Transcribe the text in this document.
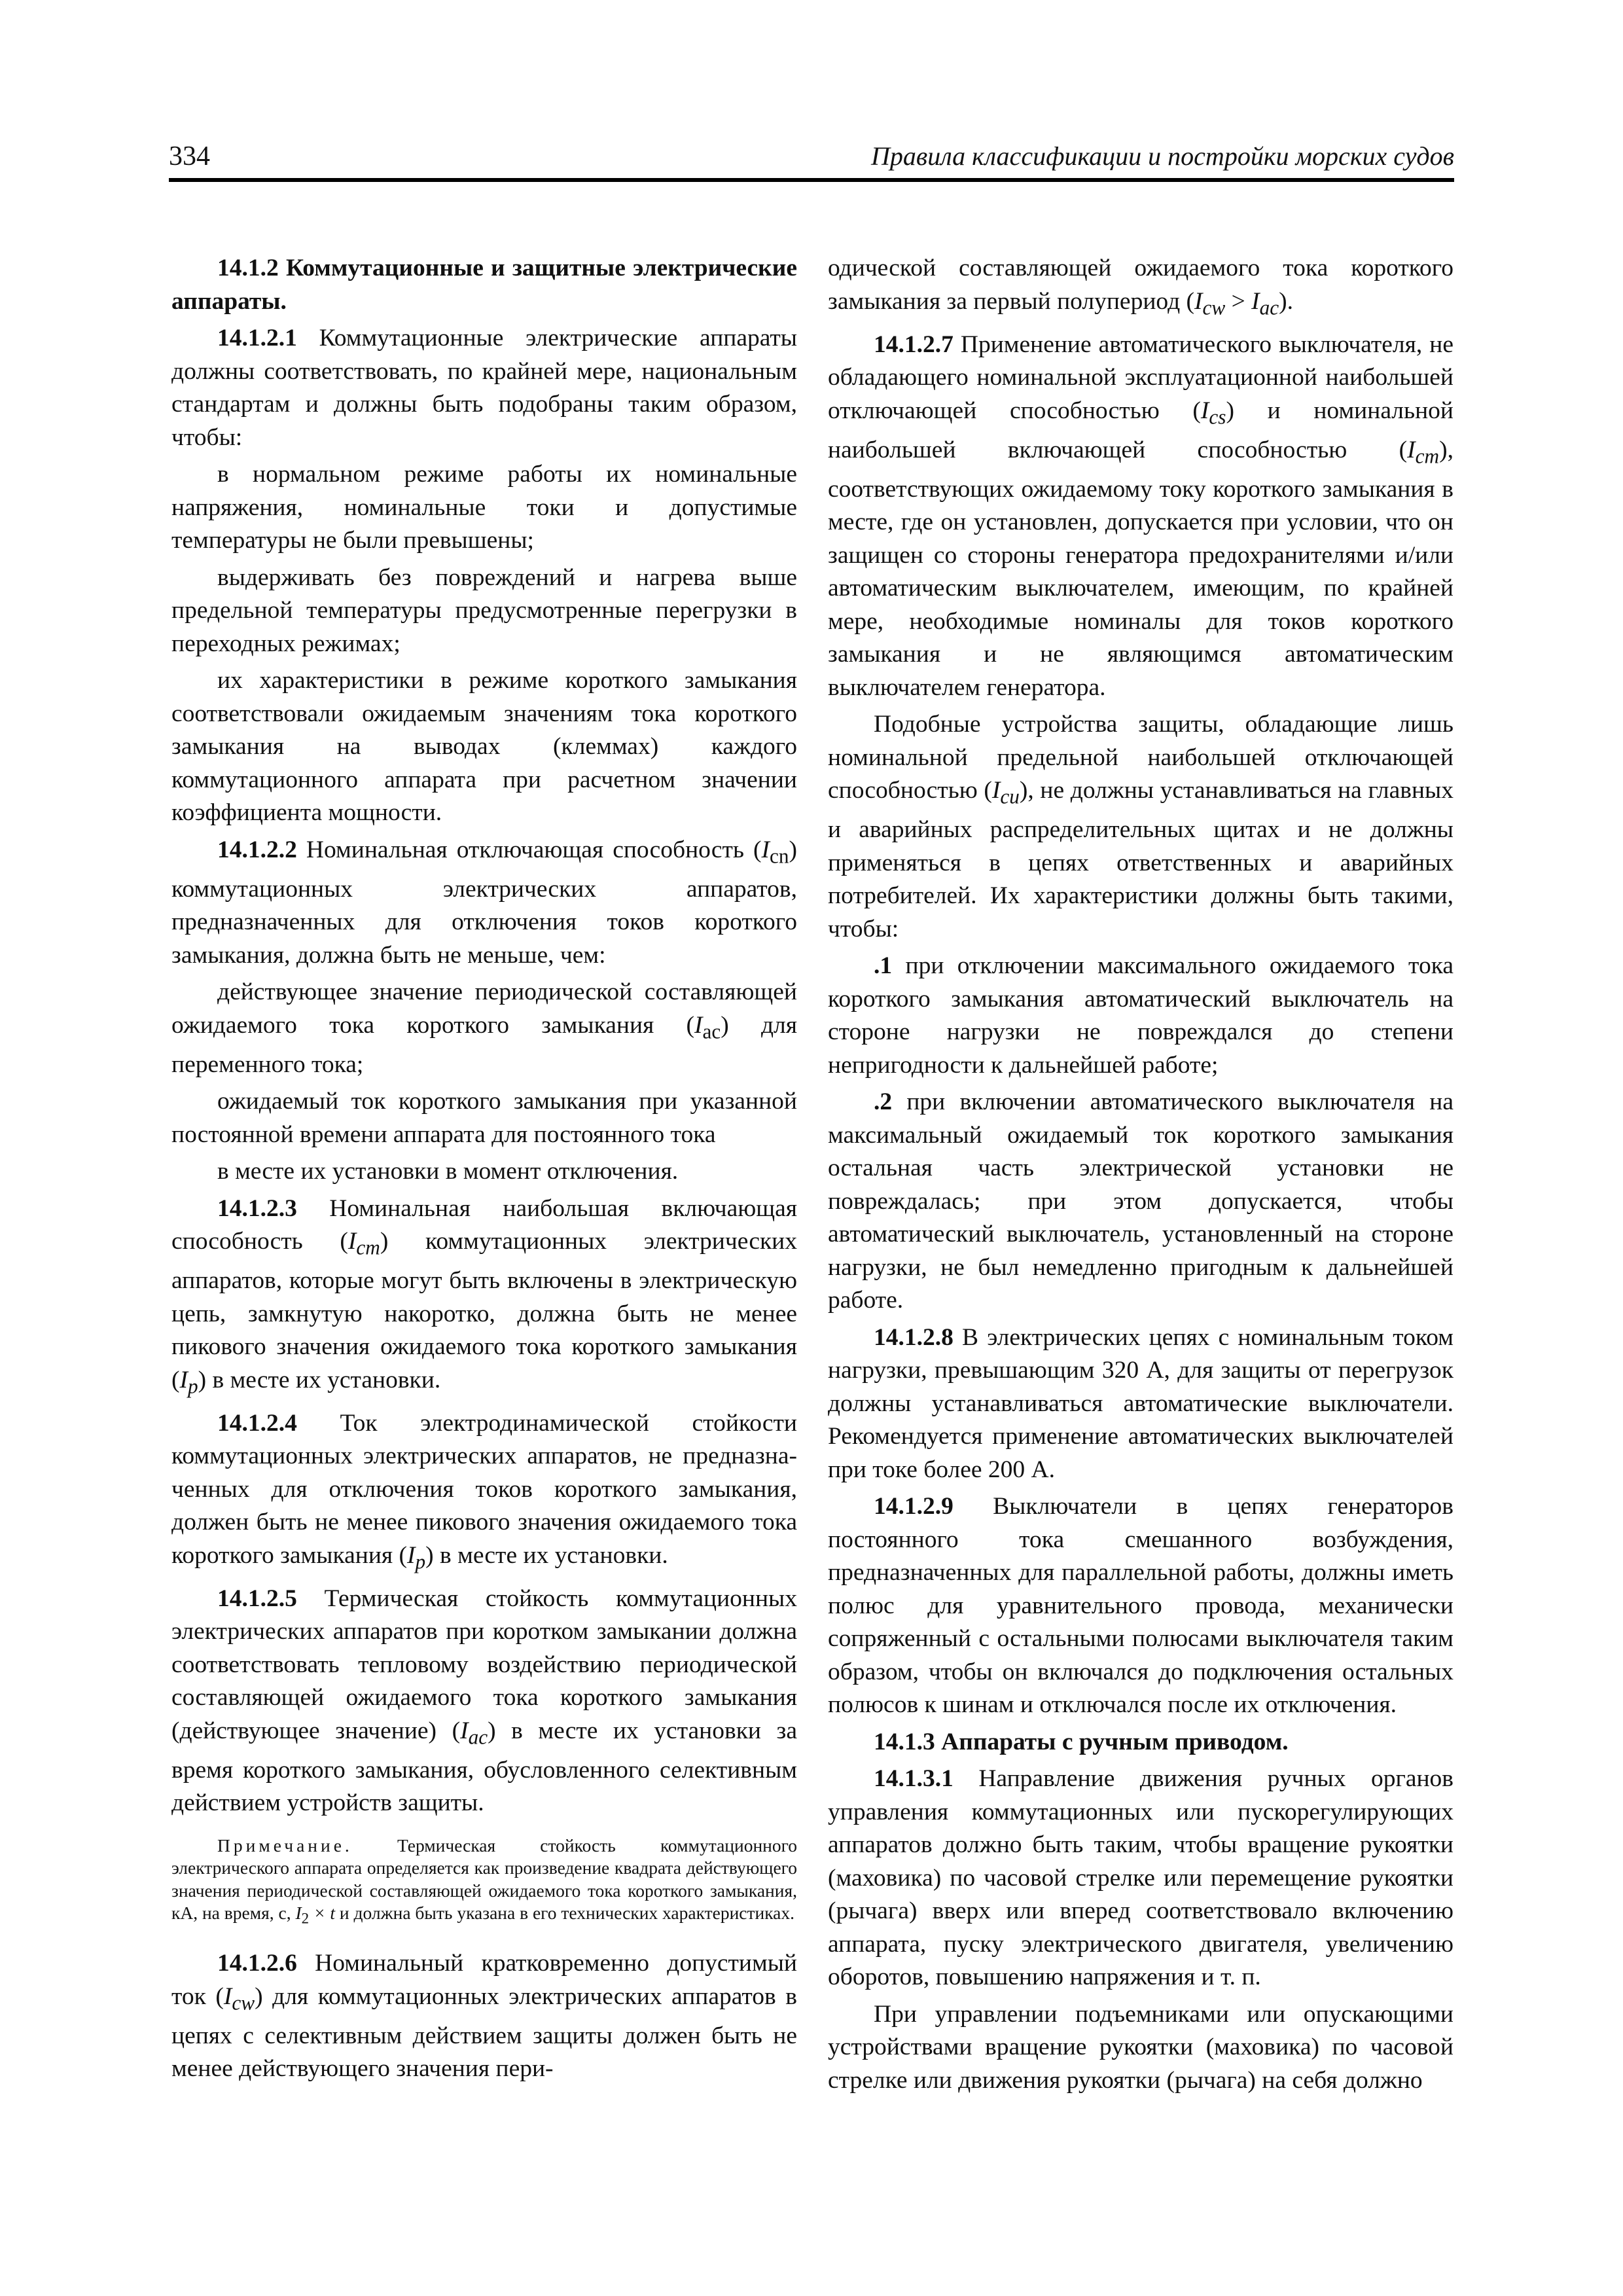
334	Правила классификации и постройки морских судов
14.1.2 Коммутационные и защитные электрические аппараты.

14.1.2.1 Коммутационные электрические аппараты должны соответствовать, по крайней мере, национальным стандартам и должны быть подобраны таким образом, чтобы:

в нормальном режиме работы их номинальные напряжения, номинальные токи и допустимые температуры не были превышены;

выдерживать без повреждений и нагрева выше предельной температуры предусмотренные перегрузки в переходных режимах;

их характеристики в режиме короткого замыкания соответствовали ожидаемым значениям тока короткого замыкания на выводах (клеммах) каждого коммутационного аппарата при расчетном значении коэффициента мощности.

14.1.2.2 Номинальная отключающая способность $(I_{cn})$ коммутационных электрических аппаратов, предназначенных для отключения токов короткого замыкания, должна быть не меньше, чем:

действующее значение периодической составляющей ожидаемого тока короткого замыкания $(I_{ac})$ для переменного тока;

ожидаемый ток короткого замыкания при указанной постоянной времени аппарата для постоянного тока

в месте их установки в момент отключения.

14.1.2.3 Номинальная наибольшая включающая способность $(I_{cm})$ коммутационных электрических аппаратов, которые могут быть включены в электрическую цепь, замкнутую накоротко, должна быть не менее пикового значения ожидаемого тока короткого замыкания $(I_p)$ в месте их установки.

14.1.2.4 Ток электродинамической стойкости коммутационных электрических аппаратов, не предназна-ченных для отключения токов короткого замыкания, должен быть не менее пикового значения ожидаемого тока короткого замыкания $(I_p)$ в месте их установки.

14.1.2.5 Термическая стойкость коммутационных электрических аппаратов при коротком замыкании должна соответствовать тепловому воздействию периодической составляющей ожидаемого тока короткого замыкания (действующее значение) $(I_{ac})$ в месте их установки за время короткого замыкания, обусловленного селективным действием устройств защиты.

Примечание. Термическая стойкость коммутационного электрического аппарата определяется как произведение квадрата действующего значения периодической составляющей ожидаемого тока короткого замыкания, кА, на время, с, $I_2 \times t$ и должна быть указана в его технических характеристиках.

14.1.2.6 Номинальный кратковременно допустимый ток $(I_{cw})$ для коммутационных электрических аппаратов в цепях с селективным действием защиты должен быть не менее действующего значения пери-

одической составляющей ожидаемого тока короткого замыкания за первый полупериод $(I_{cw} > I_{ac})$.

14.1.2.7 Применение автоматического выключателя, не обладающего номинальной эксплуатационной наибольшей отключающей способностью $(I_{cs})$ и номинальной наибольшей включающей способностью $(I_{cm})$, соответствующих ожидаемому току короткого замыкания в месте, где он установлен, допускается при условии, что он защищен со стороны генератора предохранителями и/или автоматическим выключателем, имеющим, по крайней мере, необходимые номиналы для токов короткого замыкания и не являющимся автоматическим выключателем генератора.

Подобные устройства защиты, обладающие лишь номинальной предельной наибольшей отключающей способностью $(I_{cu})$, не должны устанавливаться на главных и аварийных распределительных щитах и не должны применяться в цепях ответственных и аварийных потребителей. Их характеристики должны быть такими, чтобы:

.1 при отключении максимального ожидаемого тока короткого замыкания автоматический выключатель на стороне нагрузки не повреждался до степени непригодности к дальнейшей работе;

.2 при включении автоматического выключателя на максимальный ожидаемый ток короткого замыкания остальная часть электрической установки не повреждалась; при этом допускается, чтобы автоматический выключатель, установленный на стороне нагрузки, не был немедленно пригодным к дальнейшей работе.

14.1.2.8 В электрических цепях с номинальным током нагрузки, превышающим 320 А, для защиты от перегрузок должны устанавливаться автоматические выключатели. Рекомендуется применение автоматических выключателей при токе более 200 А.

14.1.2.9 Выключатели в цепях генераторов постоянного тока смешанного возбуждения, предназначенных для параллельной работы, должны иметь полюс для уравнительного провода, механически сопряженный с остальными полюсами выключателя таким образом, чтобы он включался до подключения остальных полюсов к шинам и отключался после их отключения.

14.1.3 Аппараты с ручным приводом.

14.1.3.1 Направление движения ручных органов управления коммутационных или пускорегулирующих аппаратов должно быть таким, чтобы вращение рукоятки (маховика) по часовой стрелке или перемещение рукоятки (рычага) вверх или вперед соответствовало включению аппарата, пуску электрического двигателя, увеличению оборотов, повышению напряжения и т. п.

При управлении подъемниками или опускающими устройствами вращение рукоятки (маховика) по часовой стрелке или движения рукоятки (рычага) на себя должно
